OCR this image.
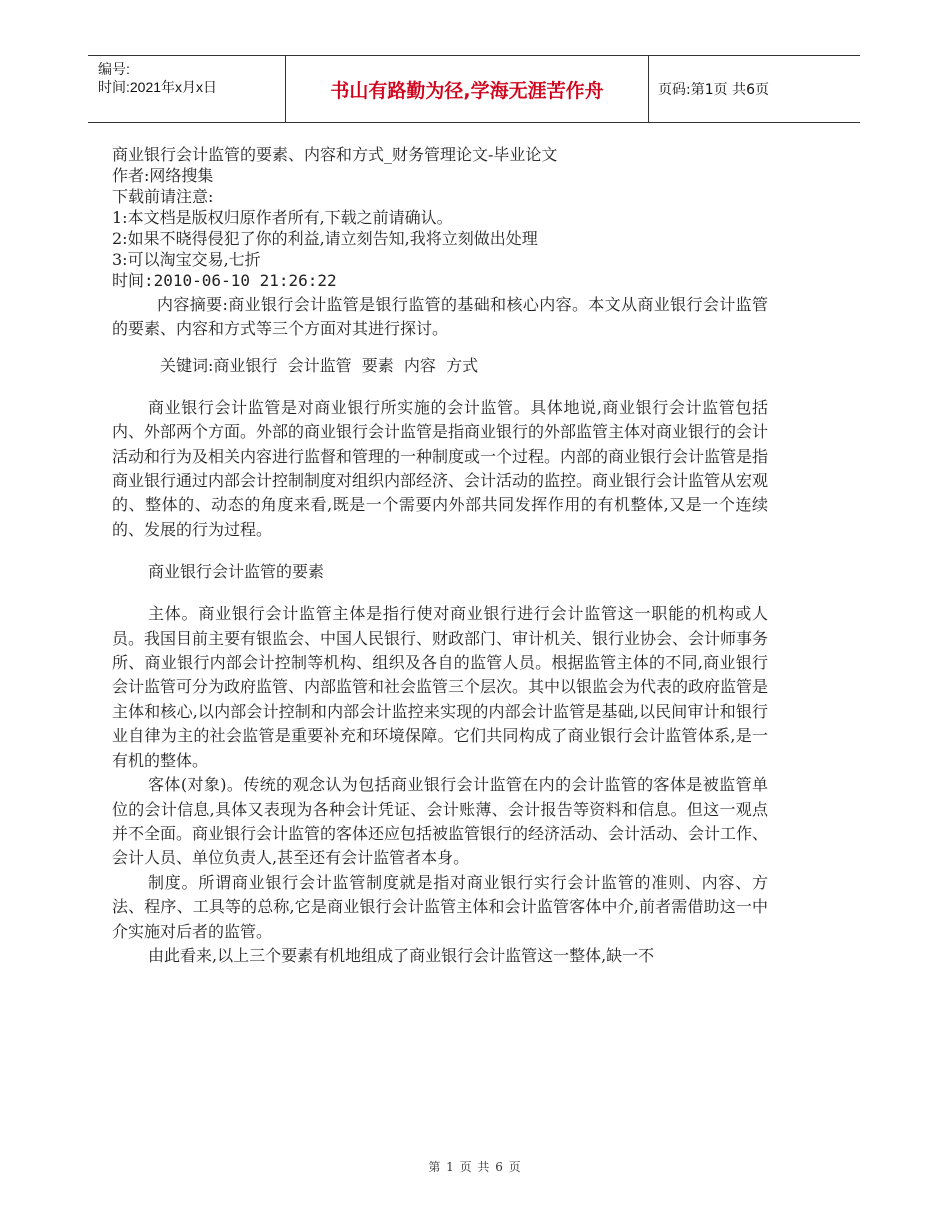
编号:
时间:2021年x月x日	书山有路勤为径,学海无涯苦作舟	页码:第1页 共6页
商业银行会计监管的要素、内容和方式_财务管理论文-毕业论文
作者:网络搜集
下载前请注意:
1:本文档是版权归原作者所有,下载之前请确认。
2:如果不晓得侵犯了你的利益,请立刻告知,我将立刻做出处理
3:可以淘宝交易,七折
时间:2010-06-10 21:26:22

内容摘要:商业银行会计监管是银行监管的基础和核心内容。本文从商业银行会计监管的要素、内容和方式等三个方面对其进行探讨。

关键词:商业银行  会计监管  要素  内容  方式

商业银行会计监管是对商业银行所实施的会计监管。具体地说,商业银行会计监管包括内、外部两个方面。外部的商业银行会计监管是指商业银行的外部监管主体对商业银行的会计活动和行为及相关内容进行监督和管理的一种制度或一个过程。内部的商业银行会计监管是指商业银行通过内部会计控制制度对组织内部经济、会计活动的监控。商业银行会计监管从宏观的、整体的、动态的角度来看,既是一个需要内外部共同发挥作用的有机整体,又是一个连续的、发展的行为过程。

商业银行会计监管的要素

主体。商业银行会计监管主体是指行使对商业银行进行会计监管这一职能的机构或人员。我国目前主要有银监会、中国人民银行、财政部门、审计机关、银行业协会、会计师事务所、商业银行内部会计控制等机构、组织及各自的监管人员。根据监管主体的不同,商业银行会计监管可分为政府监管、内部监管和社会监管三个层次。其中以银监会为代表的政府监管是主体和核心,以内部会计控制和内部会计监控来实现的内部会计监管是基础,以民间审计和银行业自律为主的社会监管是重要补充和环境保障。它们共同构成了商业银行会计监管体系,是一有机的整体。

客体(对象)。传统的观念认为包括商业银行会计监管在内的会计监管的客体是被监管单位的会计信息,具体又表现为各种会计凭证、会计账薄、会计报告等资料和信息。但这一观点并不全面。商业银行会计监管的客体还应包括被监管银行的经济活动、会计活动、会计工作、会计人员、单位负责人,甚至还有会计监管者本身。

制度。所谓商业银行会计监管制度就是指对商业银行实行会计监管的准则、内容、方法、程序、工具等的总称,它是商业银行会计监管主体和会计监管客体中介,前者需借助这一中介实施对后者的监管。

由此看来,以上三个要素有机地组成了商业银行会计监管这一整体,缺一不

第 1 页 共 6 页
